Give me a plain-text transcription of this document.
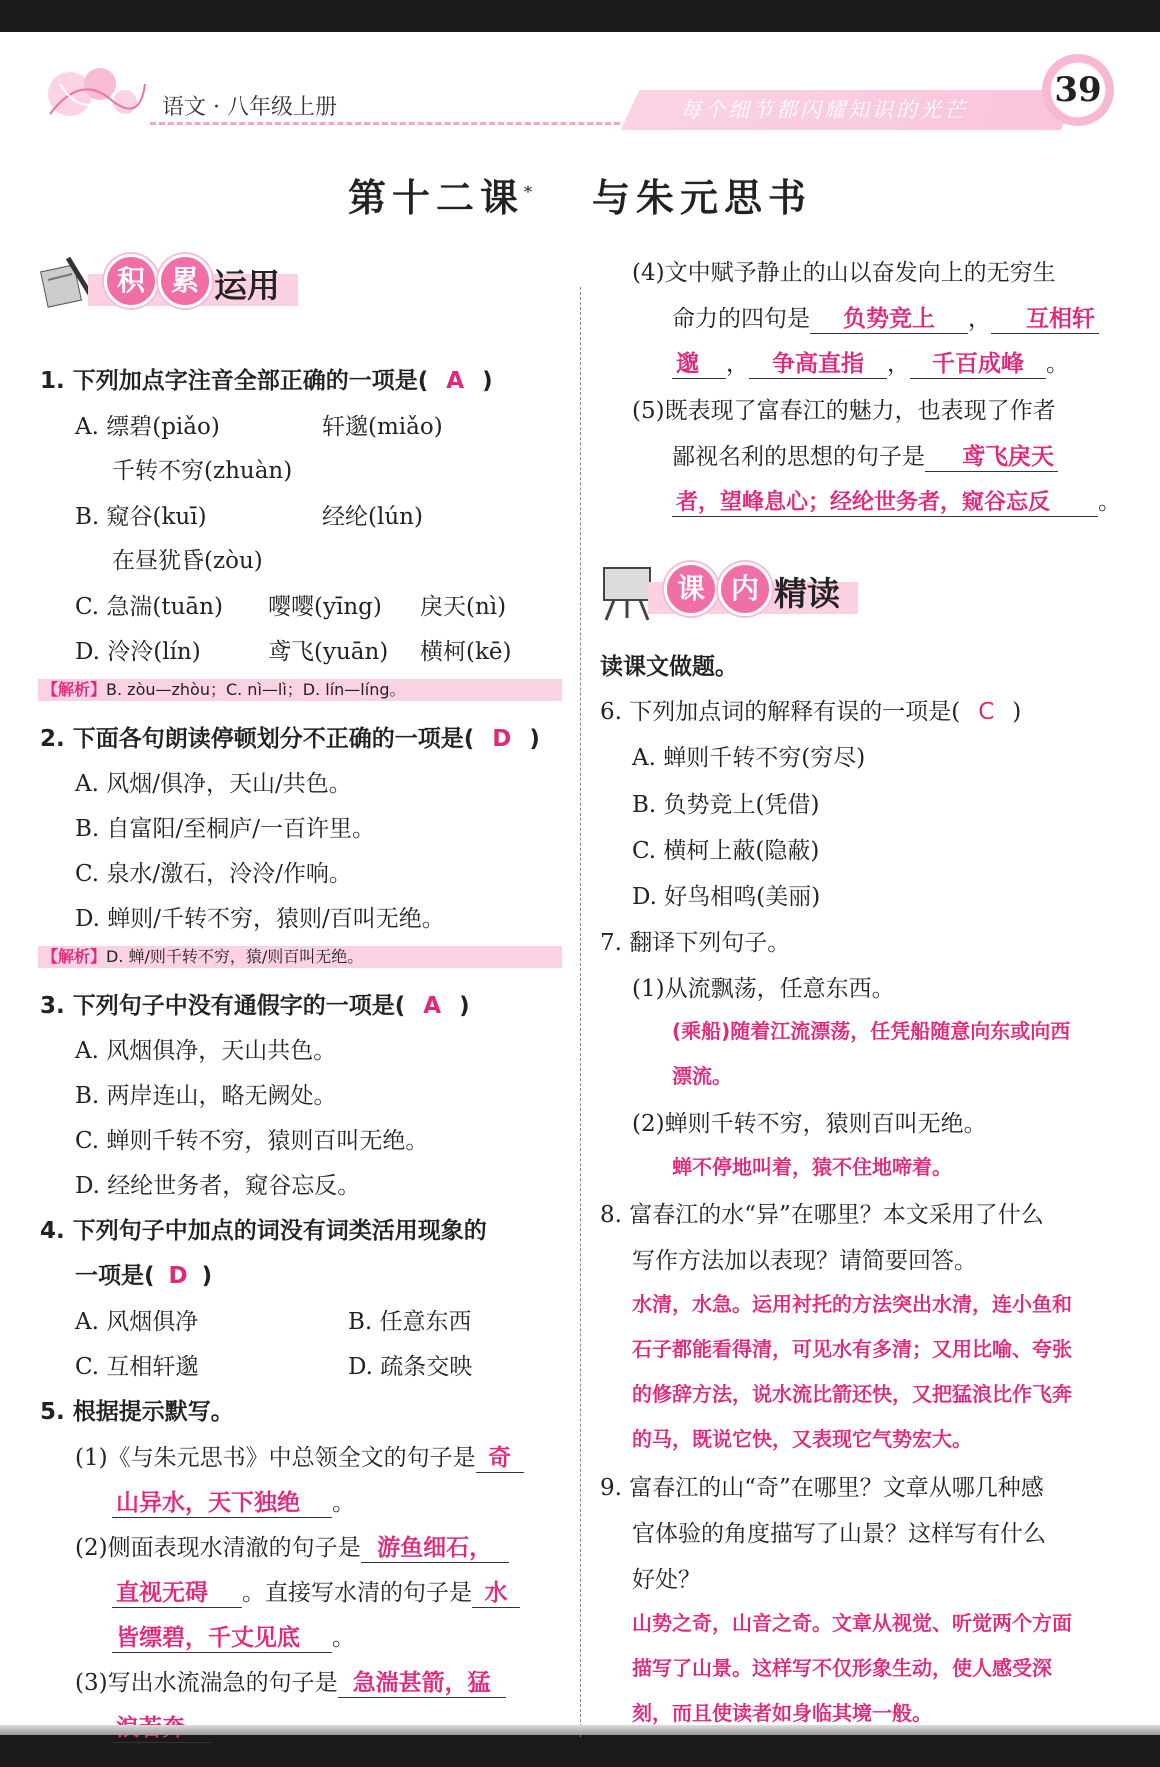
语文 · 八年级上册	每个细节都闪耀知识的光芒	39
第十二课* 与朱元思书
积 累 运用
1. 下列加点字注音全部正确的一项是( A )
A. 缥碧(piǎo)	轩邈(miǎo)
千转不穷(zhuàn)
B. 窥谷(kuī)	经纶(lún)
在昼犹昏(zòu)
C. 急湍(tuān) 嘤嘤(yīng) 戾天(nì)
D. 泠泠(lín)	鸢飞(yuān) 横柯(kē)
【解析】B. zòu—zhòu；C. nì—lì；D. lín—líng。
2. 下面各句朗读停顿划分不正确的一项是( D )
A. 风烟/俱净，天山/共色。
B. 自富阳/至桐庐/一百许里。
C. 泉水/激石，泠泠/作响。
D. 蝉则/千转不穷，猿则/百叫无绝。
【解析】D. 蝉/则千转不穷，猿/则百叫无绝。
3. 下列句子中没有通假字的一项是( A )
A. 风烟俱净，天山共色。
B. 两岸连山，略无阙处。
C. 蝉则千转不穷，猿则百叫无绝。
D. 经纶世务者，窥谷忘反。
4. 下列句子中加点的词没有词类活用现象的
一项是( D )
A. 风烟俱净	B. 任意东西
C. 互相轩邈	D. 疏条交映
5. 根据提示默写。
(1)《与朱元思书》中总领全文的句子是 奇
山异水，天下独绝 。
(2)侧面表现水清澈的句子是 游鱼细石，
直视无碍 。直接写水清的句子是 水
皆缥碧，千丈见底 。
(3)写出水流湍急的句子是 急湍甚箭，猛
(4)文中赋予静止的山以奋发向上的无穷生
命力的四句是 负势竞上 ， 互相轩
邈 ， 争高直指 ， 千百成峰 。
(5)既表现了富春江的魅力，也表现了作者
鄙视名利的思想的句子是 鸢飞戾天
者，望峰息心；经纶世务者，窥谷忘反 。
课 内 精读
读课文做题。
6. 下列加点词的解释有误的一项是( C )
A. 蝉则千转不穷(穷尽)
B. 负势竞上(凭借)
C. 横柯上蔽(隐蔽)
D. 好鸟相鸣(美丽)
7. 翻译下列句子。
(1)从流飘荡，任意东西。
(乘船)随着江流漂荡，任凭船随意向东或向西
漂流。
(2)蝉则千转不穷，猿则百叫无绝。
蝉不停地叫着，猿不住地啼着。
8. 富春江的水“异”在哪里？本文采用了什么
写作方法加以表现？请简要回答。
水清，水急。运用衬托的方法突出水清，连小鱼和
石子都能看得清，可见水有多清；又用比喻、夸张
的修辞方法，说水流比箭还快，又把猛浪比作飞奔
的马，既说它快，又表现它气势宏大。
9. 富春江的山“奇”在哪里？文章从哪几种感
官体验的角度描写了山景？这样写有什么
好处？
山势之奇，山音之奇。文章从视觉、听觉两个方面
描写了山景。这样写不仅形象生动，使人感受深
刻，而且使读者如身临其境一般。
